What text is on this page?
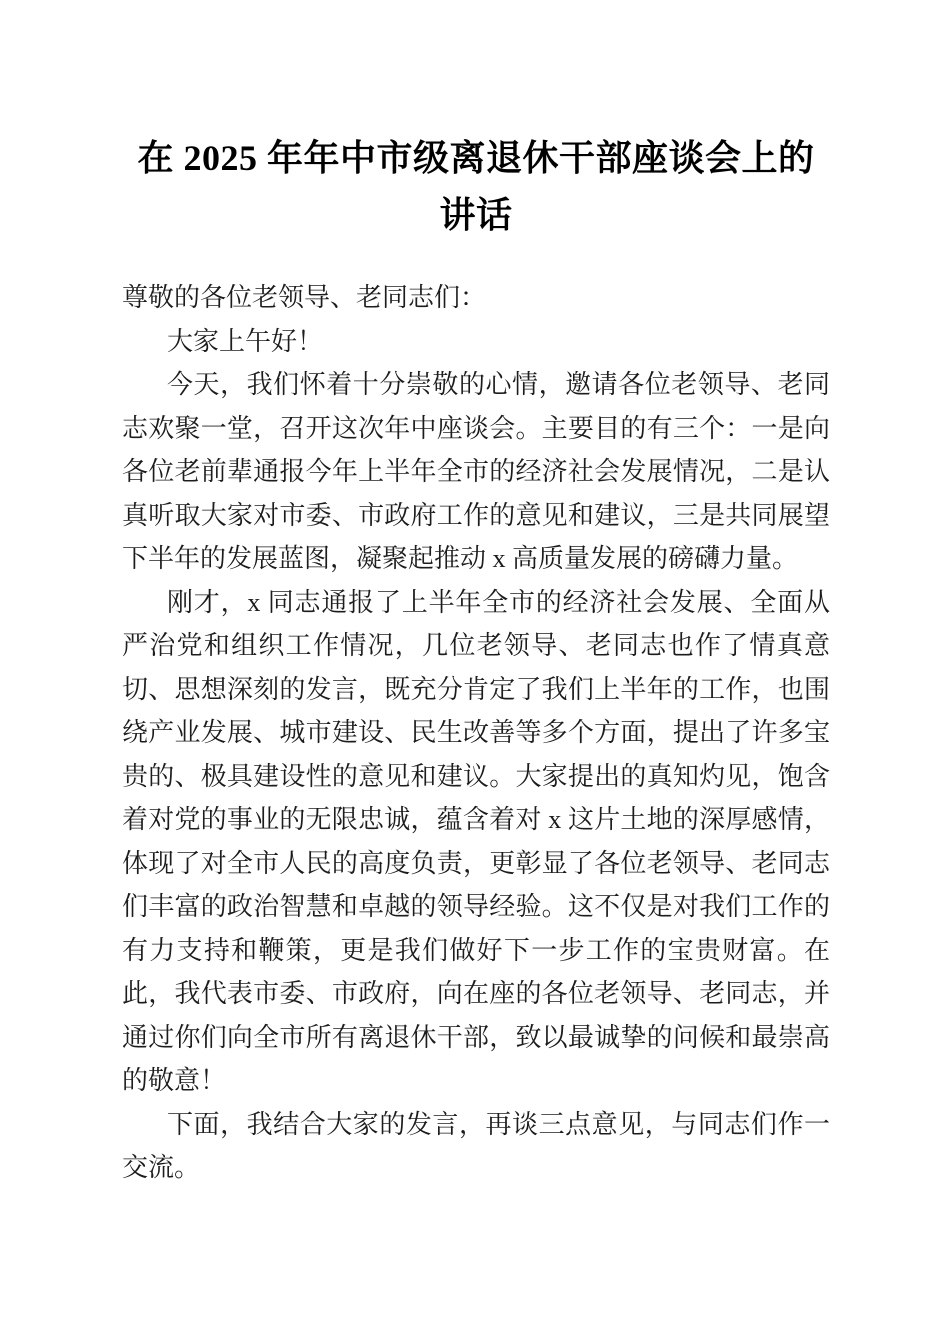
在 2025 年年中市级离退休干部座谈会上的讲话

尊敬的各位老领导、老同志们：

大家上午好！

今天，我们怀着十分崇敬的心情，邀请各位老领导、老同志欢聚一堂，召开这次年中座谈会。主要目的有三个：一是向各位老前辈通报今年上半年全市的经济社会发展情况，二是认真听取大家对市委、市政府工作的意见和建议，三是共同展望下半年的发展蓝图，凝聚起推动 x 高质量发展的磅礴力量。

刚才，x 同志通报了上半年全市的经济社会发展、全面从严治党和组织工作情况，几位老领导、老同志也作了情真意切、思想深刻的发言，既充分肯定了我们上半年的工作，也围绕产业发展、城市建设、民生改善等多个方面，提出了许多宝贵的、极具建设性的意见和建议。大家提出的真知灼见，饱含着对党的事业的无限忠诚，蕴含着对 x 这片土地的深厚感情，体现了对全市人民的高度负责，更彰显了各位老领导、老同志们丰富的政治智慧和卓越的领导经验。这不仅是对我们工作的有力支持和鞭策，更是我们做好下一步工作的宝贵财富。在此，我代表市委、市政府，向在座的各位老领导、老同志，并通过你们向全市所有离退休干部，致以最诚挚的问候和最崇高的敬意！

下面，我结合大家的发言，再谈三点意见，与同志们作一交流。
